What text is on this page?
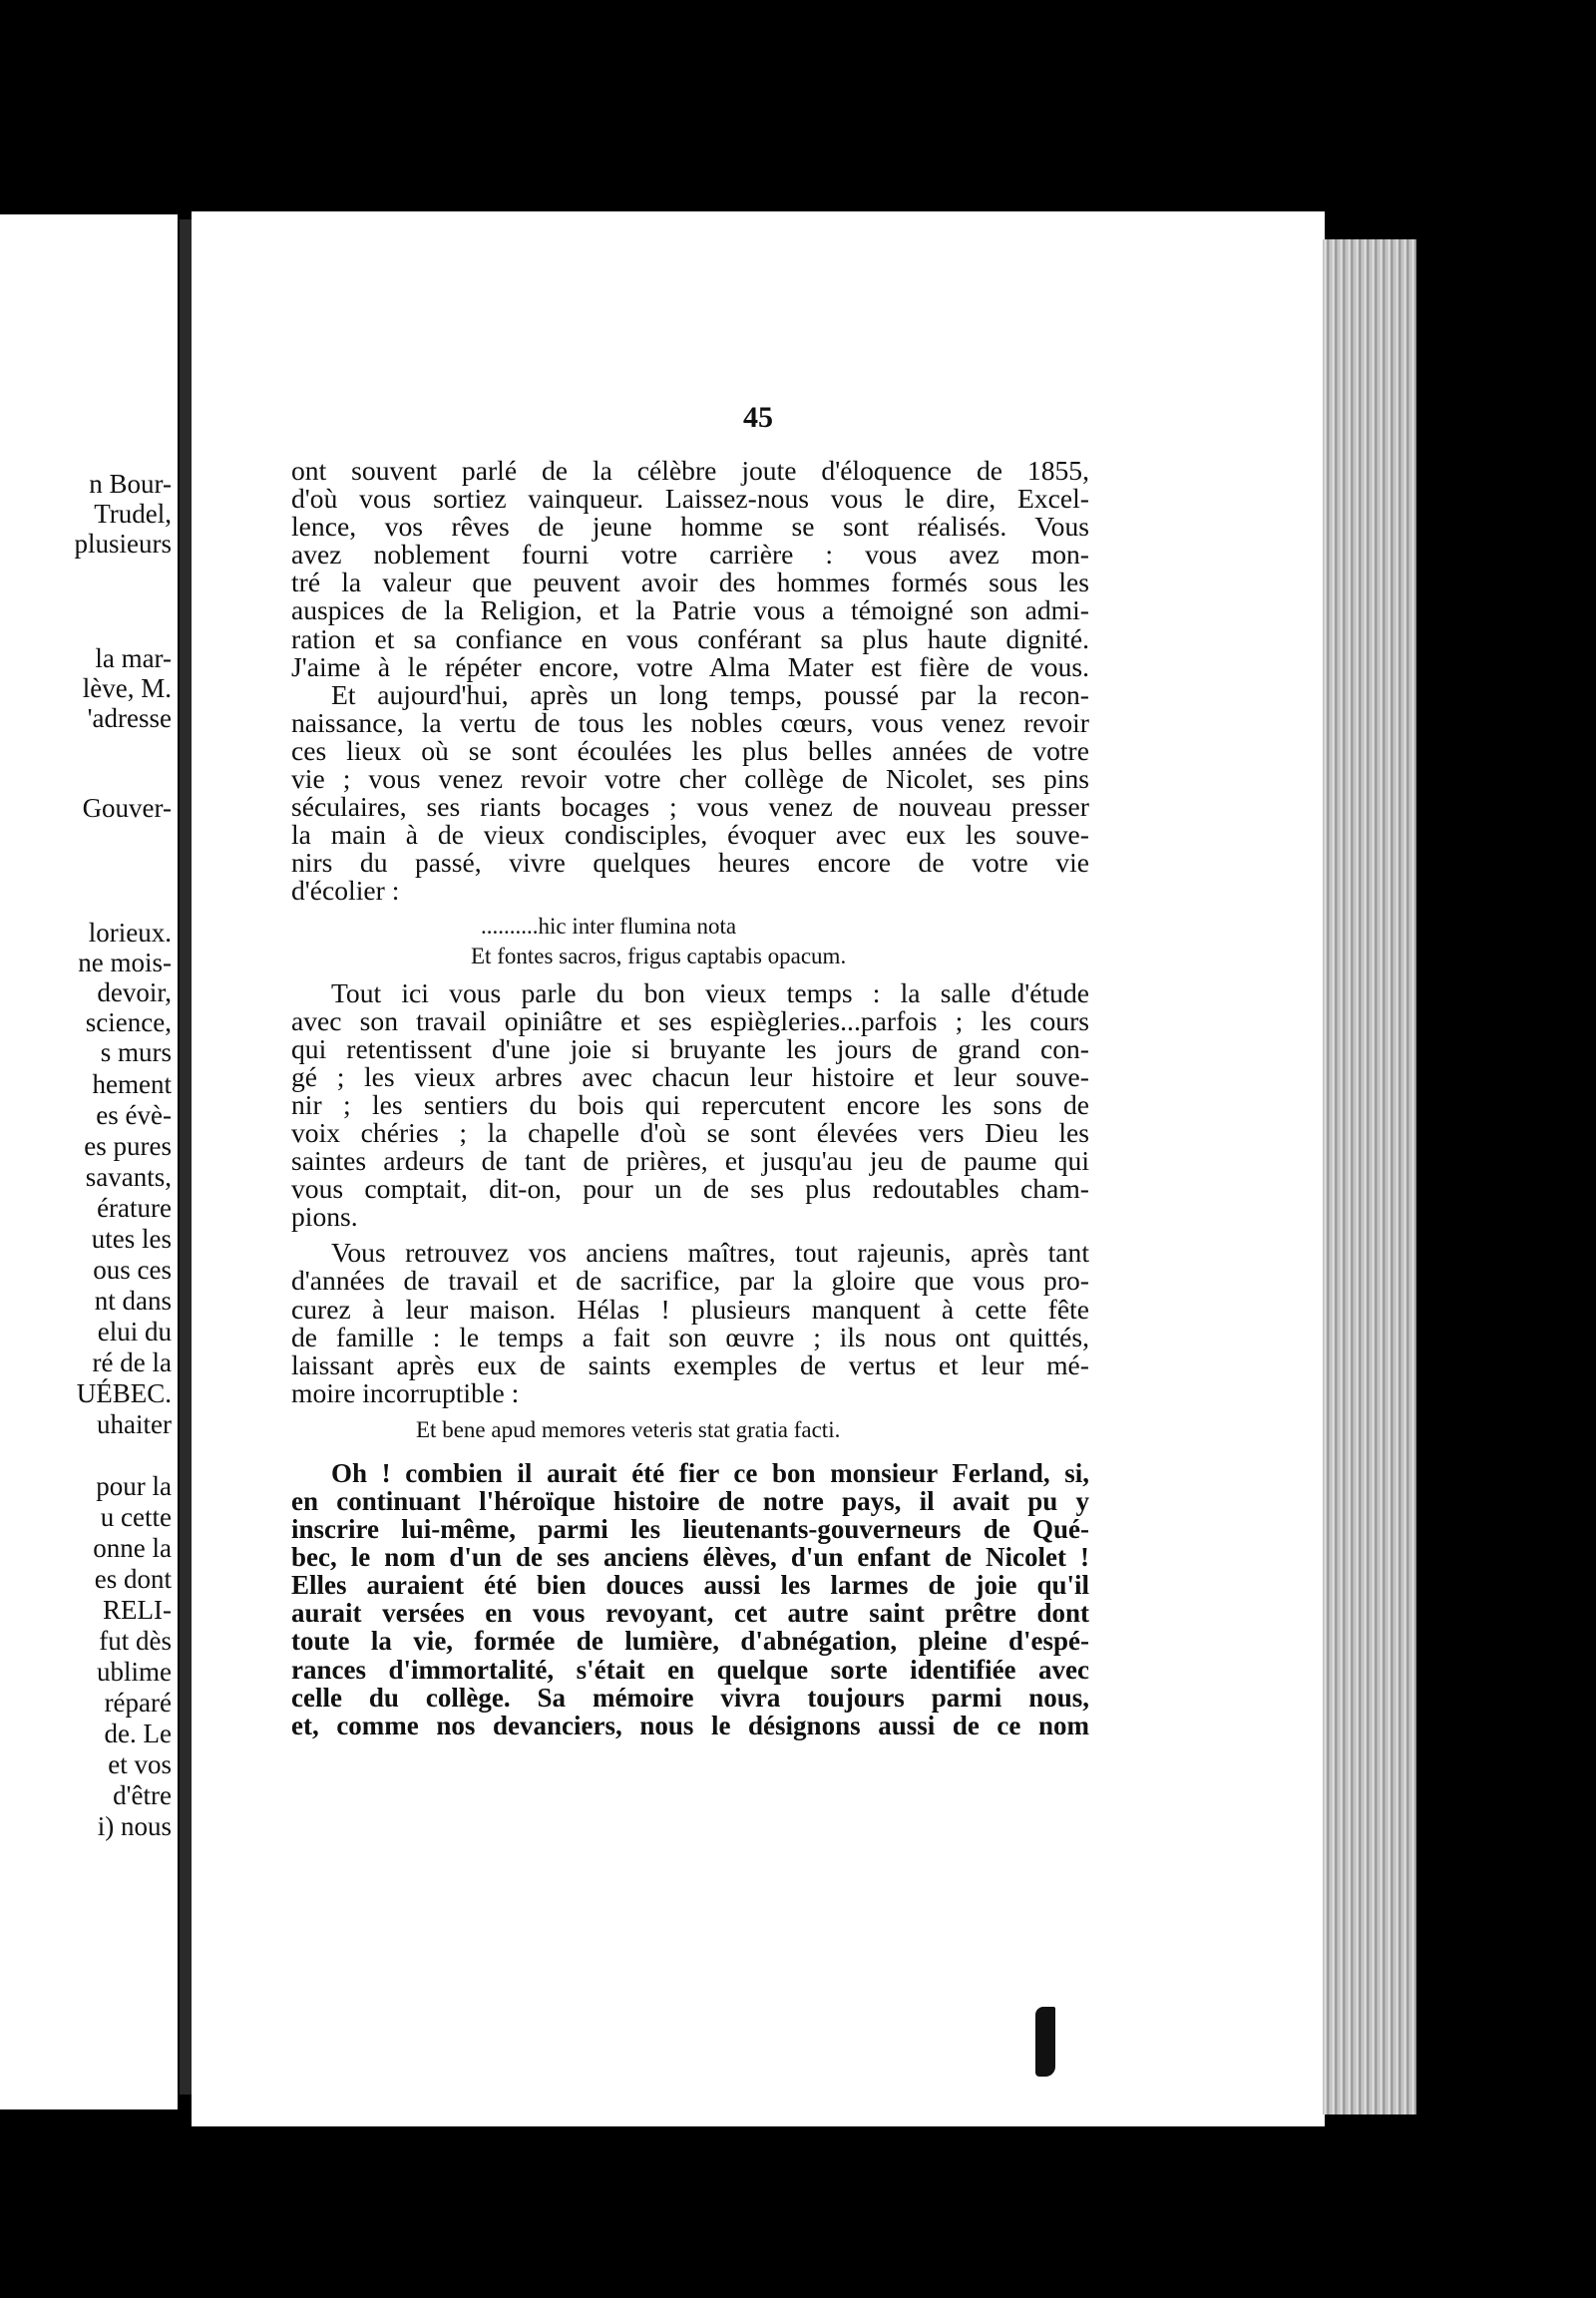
n Bour-
Trudel,
plusieurs
la mar-
lève, M.
'adresse
Gouver-
lorieux.
ne mois-
devoir,
science,
s murs
hement
es évè-
es pures
savants,
érature
utes les
ous ces
nt dans
elui du
ré de la
UÉBEC.
uhaiter
pour la
u cette
onne la
es dont
RELI-
fut dès
ublime
réparé
de. Le
et vos
d'être
i) nous
45
ont souvent parlé de la célèbre joute d'éloquence de 1855,
d'où vous sortiez vainqueur. Laissez-nous vous le dire, Excel-
lence, vos rêves de jeune homme se sont réalisés. Vous
avez noblement fourni votre carrière : vous avez mon-
tré la valeur que peuvent avoir des hommes formés sous les
auspices de la Religion, et la Patrie vous a témoigné son admi-
ration et sa confiance en vous conférant sa plus haute dignité.
J'aime à le répéter encore, votre Alma Mater est fière de vous.
Et aujourd'hui, après un long temps, poussé par la recon-
naissance, la vertu de tous les nobles cœurs, vous venez revoir
ces lieux où se sont écoulées les plus belles années de votre
vie ; vous venez revoir votre cher collège de Nicolet, ses pins
séculaires, ses riants bocages ; vous venez de nouveau presser
la main à de vieux condisciples, évoquer avec eux les souve-
nirs du passé, vivre quelques heures encore de votre vie
d'écolier :
..........hic inter flumina nota
Et fontes sacros, frigus captabis opacum.
Tout ici vous parle du bon vieux temps : la salle d'étude
avec son travail opiniâtre et ses espiègleries...parfois ; les cours
qui retentissent d'une joie si bruyante les jours de grand con-
gé ; les vieux arbres avec chacun leur histoire et leur souve-
nir ; les sentiers du bois qui repercutent encore les sons de
voix chéries ; la chapelle d'où se sont élevées vers Dieu les
saintes ardeurs de tant de prières, et jusqu'au jeu de paume qui
vous comptait, dit-on, pour un de ses plus redoutables cham-
pions.
Vous retrouvez vos anciens maîtres, tout rajeunis, après tant
d'années de travail et de sacrifice, par la gloire que vous pro-
curez à leur maison. Hélas ! plusieurs manquent à cette fête
de famille : le temps a fait son œuvre ; ils nous ont quittés,
laissant après eux de saints exemples de vertus et leur mé-
moire incorruptible :
Et bene apud memores veteris stat gratia facti.
Oh ! combien il aurait été fier ce bon monsieur Ferland, si,
en continuant l'héroïque histoire de notre pays, il avait pu y
inscrire lui-même, parmi les lieutenants-gouverneurs de Qué-
bec, le nom d'un de ses anciens élèves, d'un enfant de Nicolet !
Elles auraient été bien douces aussi les larmes de joie qu'il
aurait versées en vous revoyant, cet autre saint prêtre dont
toute la vie, formée de lumière, d'abnégation, pleine d'espé-
rances d'immortalité, s'était en quelque sorte identifiée avec
celle du collège. Sa mémoire vivra toujours parmi nous,
et, comme nos devanciers, nous le désignons aussi de ce nom
